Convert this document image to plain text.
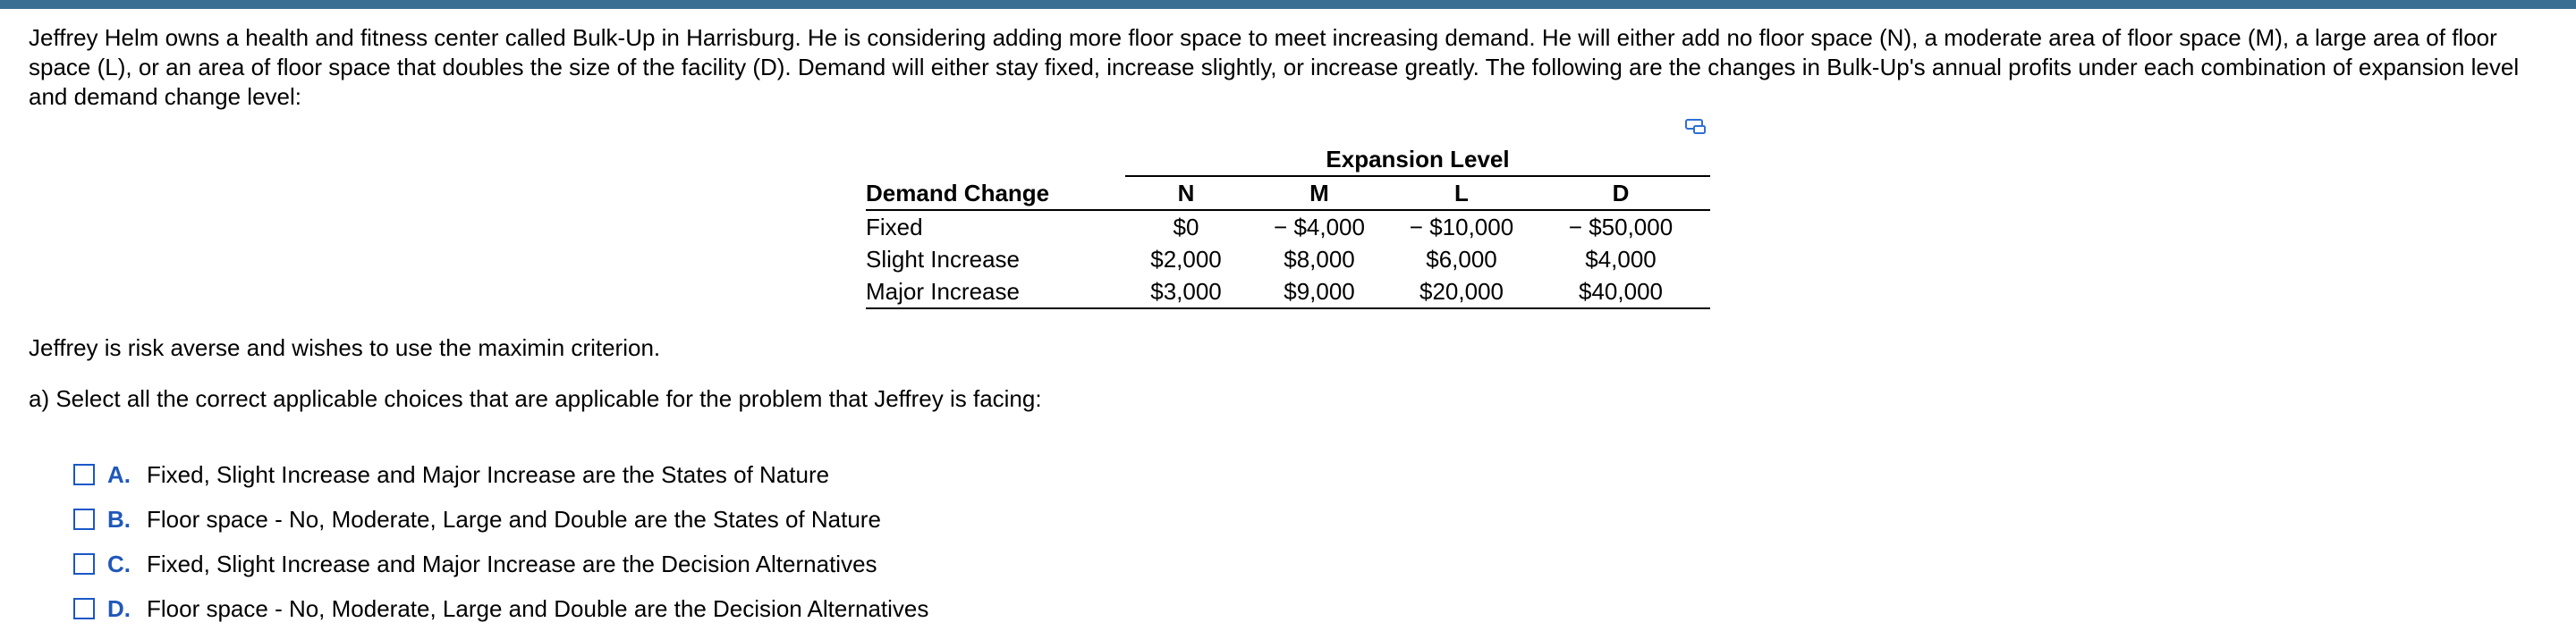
Jeffrey Helm owns a health and fitness center called Bulk-Up in Harrisburg. He is considering adding more floor space to meet increasing demand. He will either add no floor space (N), a moderate area of floor space (M), a large area of floor space (L), or an area of floor space that doubles the size of the facility (D). Demand will either stay fixed, increase slightly, or increase greatly. The following are the changes in Bulk-Up's annual profits under each combination of expansion level and demand change level:

	Expansion Level			
Demand Change	N	M	L	D
Fixed	$0	− $4,000	− $10,000	− $50,000
Slight Increase	$2,000	$8,000	$6,000	$4,000
Major Increase	$3,000	$9,000	$20,000	$40,000

Jeffrey is risk averse and wishes to use the maximin criterion.

a) Select all the correct applicable choices that are applicable for the problem that Jeffrey is facing:

A. Fixed, Slight Increase and Major Increase are the States of Nature
B. Floor space - No, Moderate, Large and Double are the States of Nature
C. Fixed, Slight Increase and Major Increase are the Decision Alternatives
D. Floor space - No, Moderate, Large and Double are the Decision Alternatives
